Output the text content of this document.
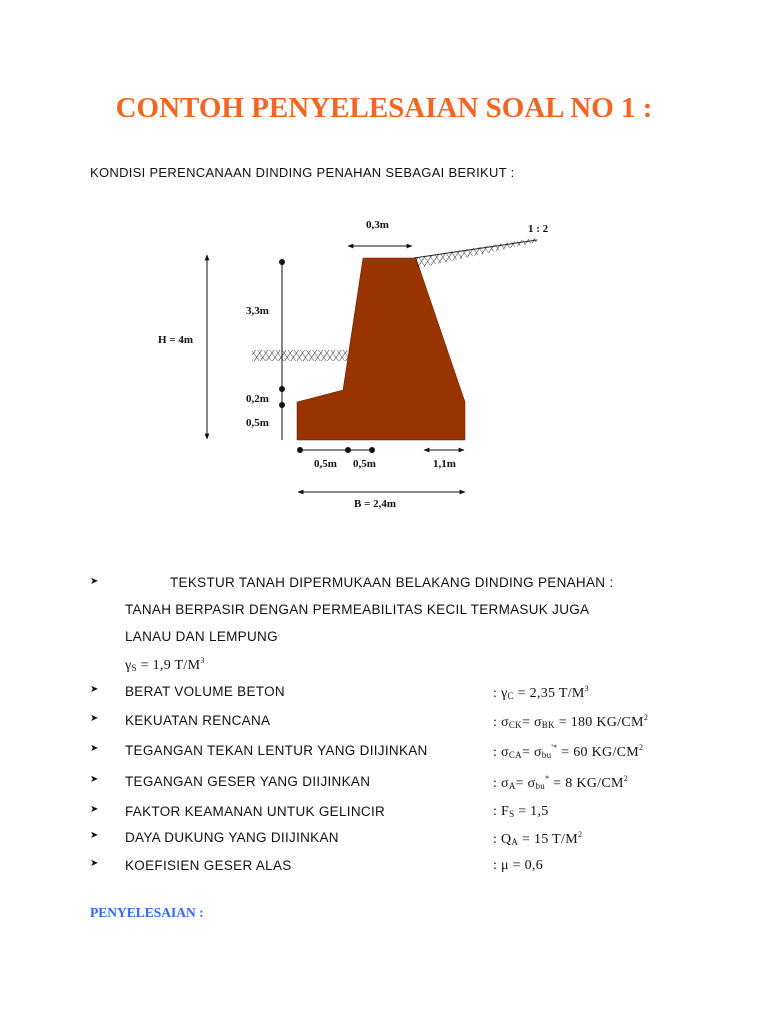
CONTOH PENYELESAIAN SOAL NO 1 :
KONDISI PERENCANAAN DINDING PENAHAN SEBAGAI BERIKUT :
0,3m	1 : 2
H = 4m
3,3m
0,2m
0,5m
0,5m 0,5m	1,1m
B = 2,4m
➤	TEKSTUR TANAH DIPERMUKAAN BELAKANG DINDING PENAHAN :
TANAH BERPASIR DENGAN PERMEABILITAS KECIL TERMASUK JUGA
LANAU DAN LEMPUNG
$\gamma_S = 1,9$ $T/M^3$
➤ BERAT VOLUME BETON	: $\gamma_C = 2,35$ $T/M^3$
➤ KEKUATAN RENCANA	: $\sigma_{CK}= \sigma_{BK} = 180$ $KG/CM^2$
➤ TEGANGAN TEKAN LENTUR YANG DIIJINKAN	: $\sigma_{CA}= \sigma_{bu}^{'*} = 60$ $KG/CM^2$
➤ TEGANGAN GESER YANG DIIJINKAN	: $\sigma_A= \sigma_{bu}^* = 8$ $KG/CM^2$
➤ FAKTOR KEAMANAN UNTUK GELINCIR	: $F_S = 1,5$
➤ DAYA DUKUNG YANG DIIJINKAN	: $Q_A = 15$ $T/M^2$
➤ KOEFISIEN GESER ALAS	: μ = 0,6
PENYELESAIAN :
